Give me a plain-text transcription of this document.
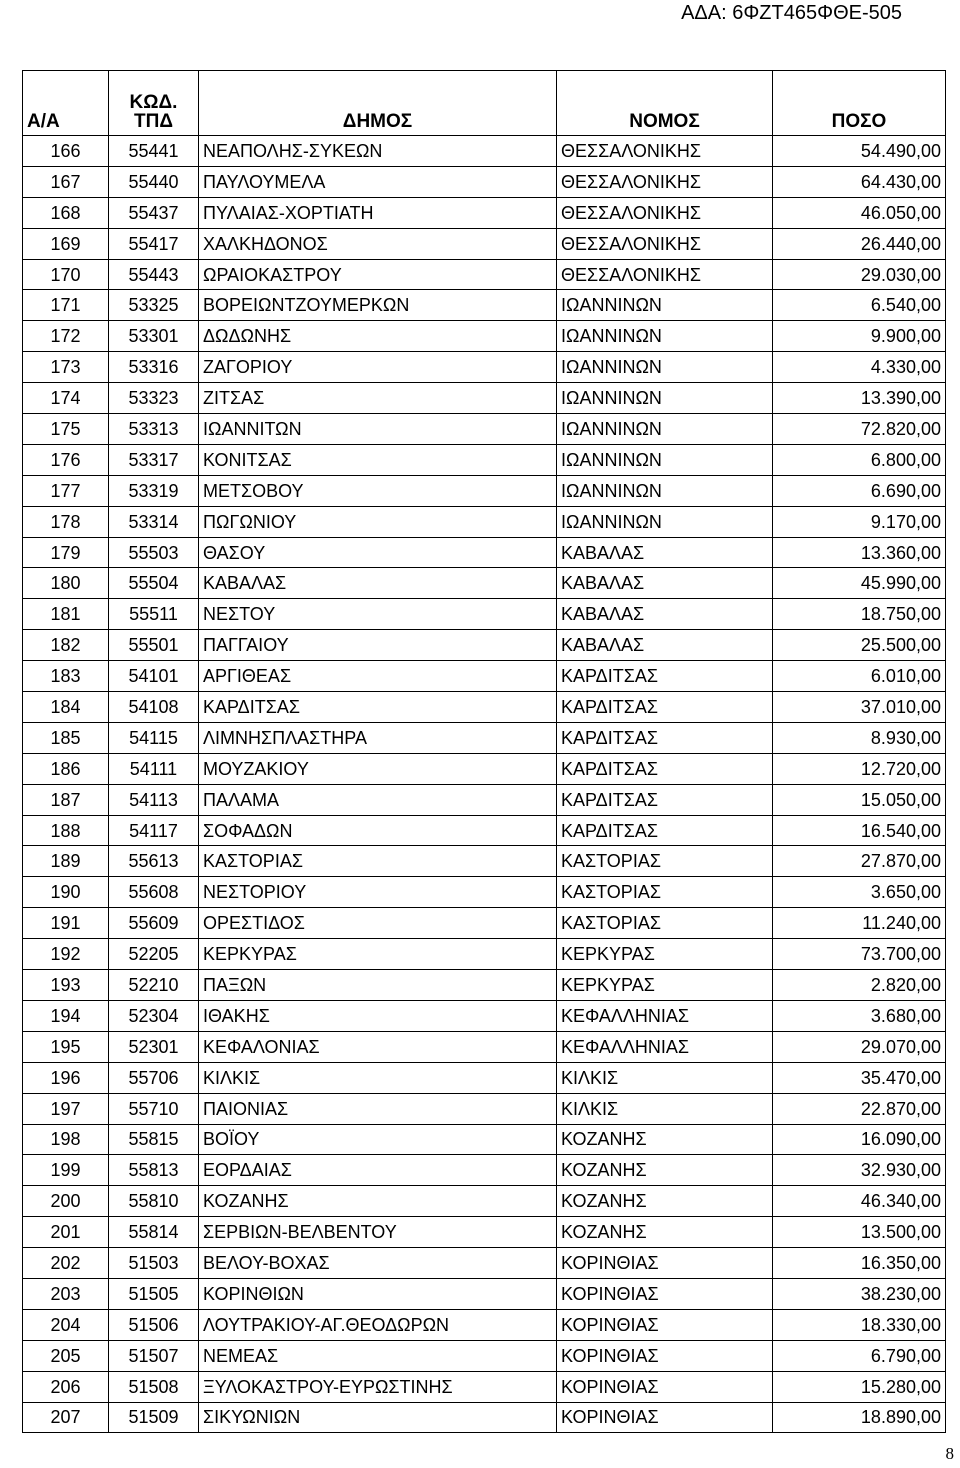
ΑΔΑ: 6ΦΖΤ465ΦΘΕ-505
Α/Α	ΚΩΔ.
ΤΠΔ	ΔΗΜΟΣ	ΝΟΜΟΣ	ΠΟΣΟ
166	55441	ΝΕΑΠΟΛΗΣ-ΣΥΚΕΩΝ	ΘΕΣΣΑΛΟΝΙΚΗΣ	54.490,00
167	55440	ΠΑΥΛΟΥΜΕΛΑ	ΘΕΣΣΑΛΟΝΙΚΗΣ	64.430,00
168	55437	ΠΥΛΑΙΑΣ-ΧΟΡΤΙΑΤΗ	ΘΕΣΣΑΛΟΝΙΚΗΣ	46.050,00
169	55417	ΧΑΛΚΗΔΟΝΟΣ	ΘΕΣΣΑΛΟΝΙΚΗΣ	26.440,00
170	55443	ΩΡΑΙΟΚΑΣΤΡΟΥ	ΘΕΣΣΑΛΟΝΙΚΗΣ	29.030,00
171	53325	ΒΟΡΕΙΩΝΤΖΟΥΜΕΡΚΩΝ	ΙΩΑΝΝΙΝΩΝ	6.540,00
172	53301	ΔΩΔΩΝΗΣ	ΙΩΑΝΝΙΝΩΝ	9.900,00
173	53316	ΖΑΓΟΡΙΟΥ	ΙΩΑΝΝΙΝΩΝ	4.330,00
174	53323	ΖΙΤΣΑΣ	ΙΩΑΝΝΙΝΩΝ	13.390,00
175	53313	ΙΩΑΝΝΙΤΩΝ	ΙΩΑΝΝΙΝΩΝ	72.820,00
176	53317	ΚΟΝΙΤΣΑΣ	ΙΩΑΝΝΙΝΩΝ	6.800,00
177	53319	ΜΕΤΣΟΒΟΥ	ΙΩΑΝΝΙΝΩΝ	6.690,00
178	53314	ΠΩΓΩΝΙΟΥ	ΙΩΑΝΝΙΝΩΝ	9.170,00
179	55503	ΘΑΣΟΥ	ΚΑΒΑΛΑΣ	13.360,00
180	55504	ΚΑΒΑΛΑΣ	ΚΑΒΑΛΑΣ	45.990,00
181	55511	ΝΕΣΤΟΥ	ΚΑΒΑΛΑΣ	18.750,00
182	55501	ΠΑΓΓΑΙΟΥ	ΚΑΒΑΛΑΣ	25.500,00
183	54101	ΑΡΓΙΘΕΑΣ	ΚΑΡΔΙΤΣΑΣ	6.010,00
184	54108	ΚΑΡΔΙΤΣΑΣ	ΚΑΡΔΙΤΣΑΣ	37.010,00
185	54115	ΛΙΜΝΗΣΠΛΑΣΤΗΡΑ	ΚΑΡΔΙΤΣΑΣ	8.930,00
186	54111	ΜΟΥΖΑΚΙΟΥ	ΚΑΡΔΙΤΣΑΣ	12.720,00
187	54113	ΠΑΛΑΜΑ	ΚΑΡΔΙΤΣΑΣ	15.050,00
188	54117	ΣΟΦΑΔΩΝ	ΚΑΡΔΙΤΣΑΣ	16.540,00
189	55613	ΚΑΣΤΟΡΙΑΣ	ΚΑΣΤΟΡΙΑΣ	27.870,00
190	55608	ΝΕΣΤΟΡΙΟΥ	ΚΑΣΤΟΡΙΑΣ	3.650,00
191	55609	ΟΡΕΣΤΙΔΟΣ	ΚΑΣΤΟΡΙΑΣ	11.240,00
192	52205	ΚΕΡΚΥΡΑΣ	ΚΕΡΚΥΡΑΣ	73.700,00
193	52210	ΠΑΞΩΝ	ΚΕΡΚΥΡΑΣ	2.820,00
194	52304	ΙΘΑΚΗΣ	ΚΕΦΑΛΛΗΝΙΑΣ	3.680,00
195	52301	ΚΕΦΑΛΟΝΙΑΣ	ΚΕΦΑΛΛΗΝΙΑΣ	29.070,00
196	55706	ΚΙΛΚΙΣ	ΚΙΛΚΙΣ	35.470,00
197	55710	ΠΑΙΟΝΙΑΣ	ΚΙΛΚΙΣ	22.870,00
198	55815	ΒΟΪΟΥ	ΚΟΖΑΝΗΣ	16.090,00
199	55813	ΕΟΡΔΑΙΑΣ	ΚΟΖΑΝΗΣ	32.930,00
200	55810	ΚΟΖΑΝΗΣ	ΚΟΖΑΝΗΣ	46.340,00
201	55814	ΣΕΡΒΙΩΝ-ΒΕΛΒΕΝΤΟΥ	ΚΟΖΑΝΗΣ	13.500,00
202	51503	ΒΕΛΟΥ-ΒΟΧΑΣ	ΚΟΡΙΝΘΙΑΣ	16.350,00
203	51505	ΚΟΡΙΝΘΙΩΝ	ΚΟΡΙΝΘΙΑΣ	38.230,00
204	51506	ΛΟΥΤΡΑΚΙΟΥ-ΑΓ.ΘΕΟΔΩΡΩΝ	ΚΟΡΙΝΘΙΑΣ	18.330,00
205	51507	ΝΕΜΕΑΣ	ΚΟΡΙΝΘΙΑΣ	6.790,00
206	51508	ΞΥΛΟΚΑΣΤΡΟΥ-ΕΥΡΩΣΤΙΝΗΣ	ΚΟΡΙΝΘΙΑΣ	15.280,00
207	51509	ΣΙΚΥΩΝΙΩΝ	ΚΟΡΙΝΘΙΑΣ	18.890,00
8
